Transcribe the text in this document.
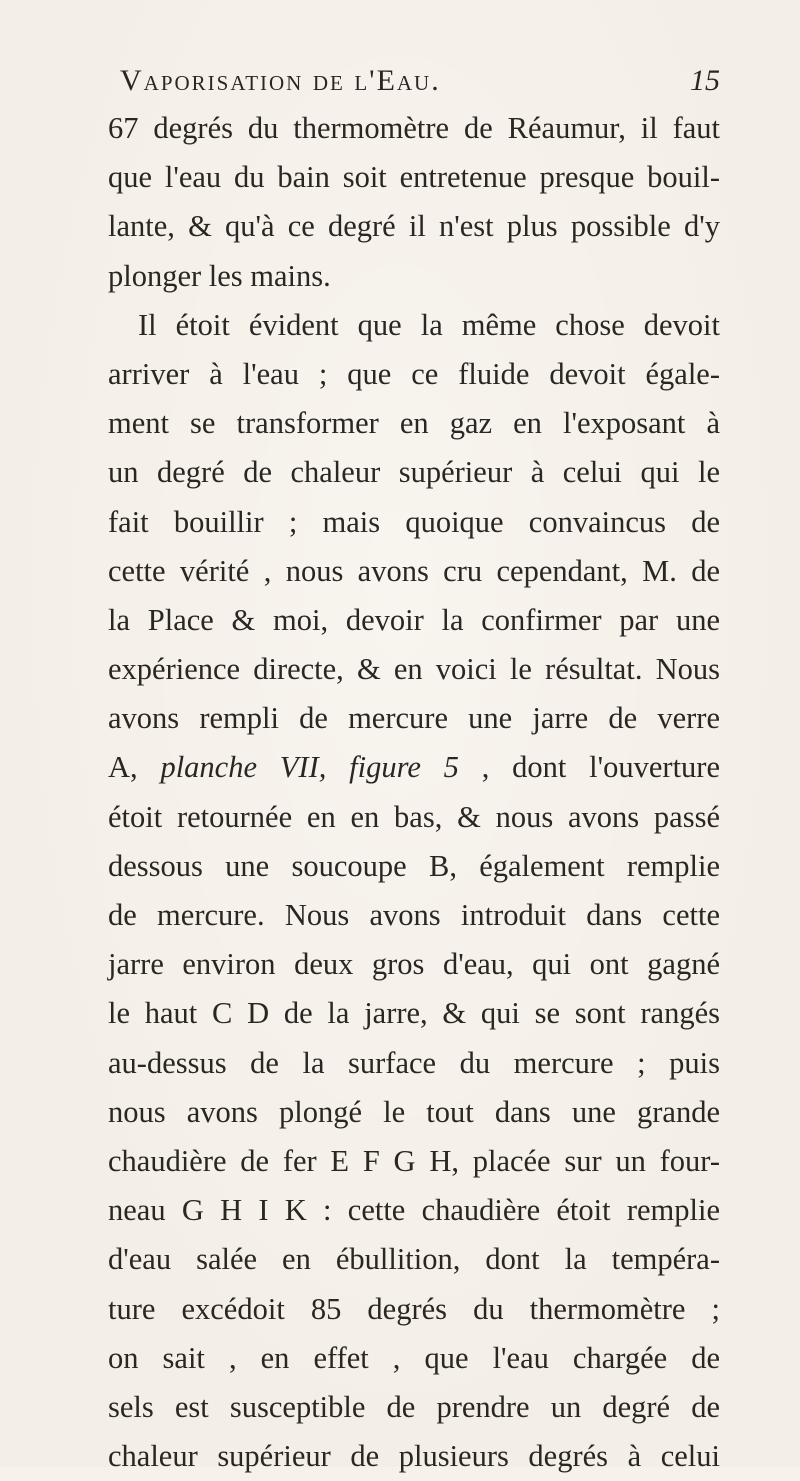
Vaporisation de l'Eau.	15
67 degrés du thermomètre de Réaumur, il faut
que l'eau du bain soit entretenue presque bouil-
lante, & qu'à ce degré il n'est plus possible d'y
plonger les mains.
Il étoit évident que la même chose devoit
arriver à l'eau ; que ce fluide devoit égale-
ment se transformer en gaz en l'exposant à
un degré de chaleur supérieur à celui qui le
fait bouillir ; mais quoique convaincus de
cette vérité , nous avons cru cependant, M. de
la Place & moi, devoir la confirmer par une
expérience directe, & en voici le résultat. Nous
avons rempli de mercure une jarre de verre
A, planche VII, figure 5 , dont l'ouverture
étoit retournée en en bas, & nous avons passé
dessous une soucoupe B, également remplie
de mercure. Nous avons introduit dans cette
jarre environ deux gros d'eau, qui ont gagné
le haut C D de la jarre, & qui se sont rangés
au-dessus de la surface du mercure ; puis
nous avons plongé le tout dans une grande
chaudière de fer E F G H, placée sur un four-
neau G H I K : cette chaudière étoit remplie
d'eau salée en ébullition, dont la tempéra-
ture excédoit 85 degrés du thermomètre ;
on sait , en effet , que l'eau chargée de
sels est susceptible de prendre un degré de
chaleur supérieur de plusieurs degrés à celui
